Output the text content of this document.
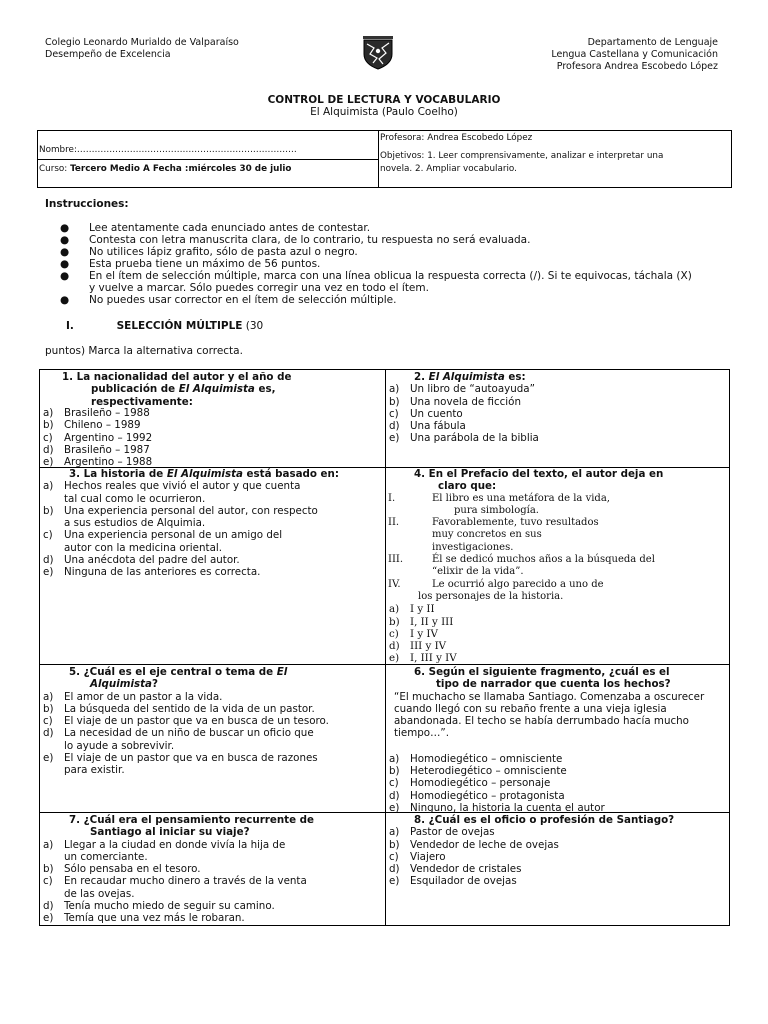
Colegio Leonardo Murialdo de Valparaíso
Desempeño de Excelencia
Departamento de Lenguaje
Lengua Castellana y Comunicación
Profesora Andrea Escobedo López
CONTROL DE LECTURA Y VOCABULARIO
El Alquimista (Paulo Coelho)
Nombre:…………………………………………………………………
Curso: Tercero Medio A Fecha :miércoles 30 de julio
Profesora: Andrea Escobedo López
Objetivos: 1. Leer comprensivamente, analizar e interpretar una
novela. 2. Ampliar vocabulario.
Instrucciones:
● Lee atentamente cada enunciado antes de contestar.
● Contesta con letra manuscrita clara, de lo contrario, tu respuesta no será evaluada.
● No utilices lápiz grafito, sólo de pasta azul o negro.
● Esta prueba tiene un máximo de 56 puntos.
● En el ítem de selección múltiple, marca con una línea oblicua la respuesta correcta (/). Si te equivocas, táchala (X) y vuelve a marcar. Sólo puedes corregir una vez en todo el ítem.
● No puedes usar corrector en el ítem de selección múltiple.
I.	SELECCIÓN MÚLTIPLE (30
puntos) Marca la alternativa correcta.
1. La nacionalidad del autor y el año de
publicación de El Alquimista es,
respectivamente:
a) Brasileño – 1988
b) Chileno – 1989
c) Argentino – 1992
d) Brasileño – 1987
e) Argentino – 1988
2. El Alquimista es:
a) Un libro de “autoayuda”
b) Una novela de ficción
c) Un cuento
d) Una fábula
e) Una parábola de la biblia
3. La historia de El Alquimista está basado en:
a) Hechos reales que vivió el autor y que cuenta
tal cual como le ocurrieron.
b) Una experiencia personal del autor, con respecto
a sus estudios de Alquimia.
c) Una experiencia personal de un amigo del
autor con la medicina oriental.
d) Una anécdota del padre del autor.
e) Ninguna de las anteriores es correcta.
4. En el Prefacio del texto, el autor deja en
claro que:
I.	El libro es una metáfora de la vida,
pura simbología.
II.	Favorablemente, tuvo resultados
muy concretos en sus
investigaciones.
III.	Él se dedicó muchos años a la búsqueda del
“elixir de la vida”.
IV.	Le ocurrió algo parecido a uno de
los personajes de la historia.
a) I y II
b) I, II y III
c) I y IV
d) III y IV
e) I, III y IV
5. ¿Cuál es el eje central o tema de El
Alquimista?
a) El amor de un pastor a la vida.
b) La búsqueda del sentido de la vida de un pastor.
c) El viaje de un pastor que va en busca de un tesoro.
d) La necesidad de un niño de buscar un oficio que
lo ayude a sobrevivir.
e) El viaje de un pastor que va en busca de razones
para existir.
6. Según el siguiente fragmento, ¿cuál es el
tipo de narrador que cuenta los hechos?
“El muchacho se llamaba Santiago. Comenzaba a oscurecer
cuando llegó con su rebaño frente a una vieja iglesia
abandonada. El techo se había derrumbado hacía mucho
tiempo…”.
a) Homodiegético – omnisciente
b) Heterodiegético – omnisciente
c) Homodiegético – personaje
d) Homodiegético – protagonista
e) Ninguno, la historia la cuenta el autor
7. ¿Cuál era el pensamiento recurrente de
Santiago al iniciar su viaje?
a) Llegar a la ciudad en donde vivía la hija de
un comerciante.
b) Sólo pensaba en el tesoro.
c) En recaudar mucho dinero a través de la venta
de las ovejas.
d) Tenía mucho miedo de seguir su camino.
e) Temía que una vez más le robaran.
8. ¿Cuál es el oficio o profesión de Santiago?
a) Pastor de ovejas
b) Vendedor de leche de ovejas
c) Viajero
d) Vendedor de cristales
e) Esquilador de ovejas
